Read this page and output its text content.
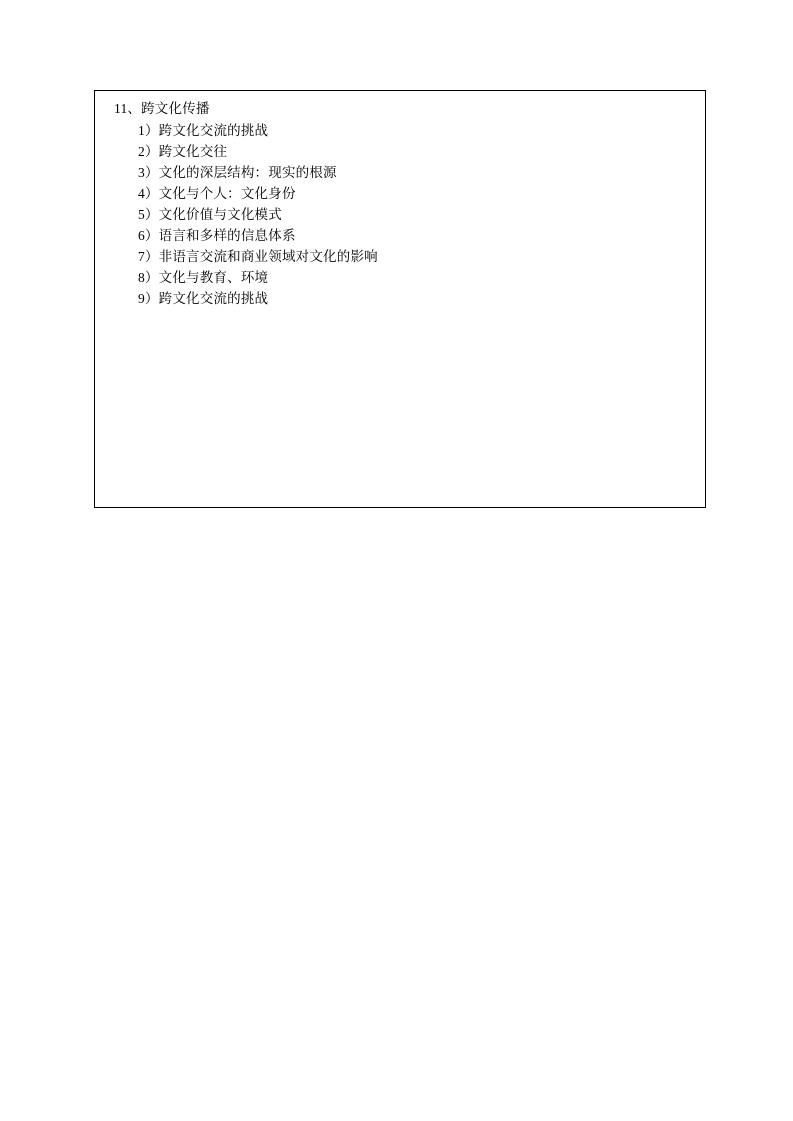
11、跨文化传播
1）跨文化交流的挑战
2）跨文化交往
3）文化的深层结构：现实的根源
4）文化与个人：文化身份
5）文化价值与文化模式
6）语言和多样的信息体系
7）非语言交流和商业领域对文化的影响
8）文化与教育、环境
9）跨文化交流的挑战
